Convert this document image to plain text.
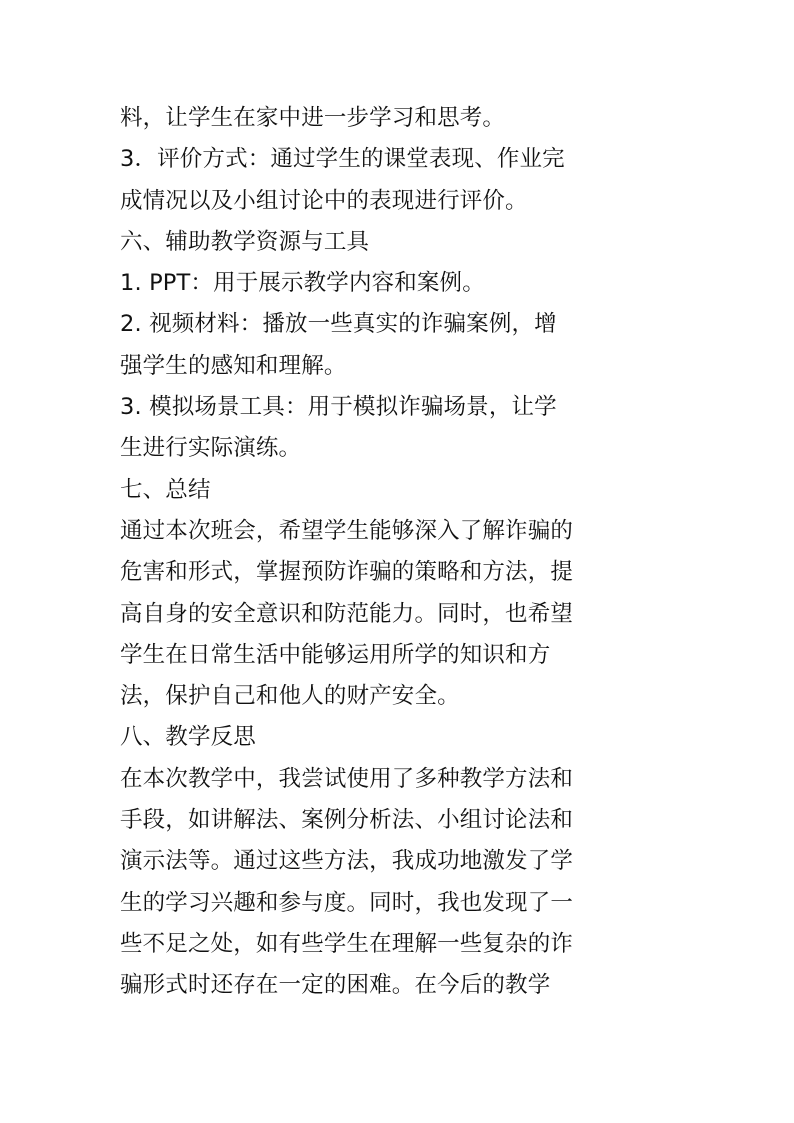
料，让学生在家中进一步学习和思考。
3．评价方式：通过学生的课堂表现、作业完
成情况以及小组讨论中的表现进行评价。
六、辅助教学资源与工具
1. PPT：用于展示教学内容和案例。
2. 视频材料：播放一些真实的诈骗案例，增
强学生的感知和理解。
3. 模拟场景工具：用于模拟诈骗场景，让学
生进行实际演练。
七、总结
通过本次班会，希望学生能够深入了解诈骗的
危害和形式，掌握预防诈骗的策略和方法，提
高自身的安全意识和防范能力。同时，也希望
学生在日常生活中能够运用所学的知识和方
法，保护自己和他人的财产安全。
八、教学反思
在本次教学中，我尝试使用了多种教学方法和
手段，如讲解法、案例分析法、小组讨论法和
演示法等。通过这些方法，我成功地激发了学
生的学习兴趣和参与度。同时，我也发现了一
些不足之处，如有些学生在理解一些复杂的诈
骗形式时还存在一定的困难。在今后的教学
